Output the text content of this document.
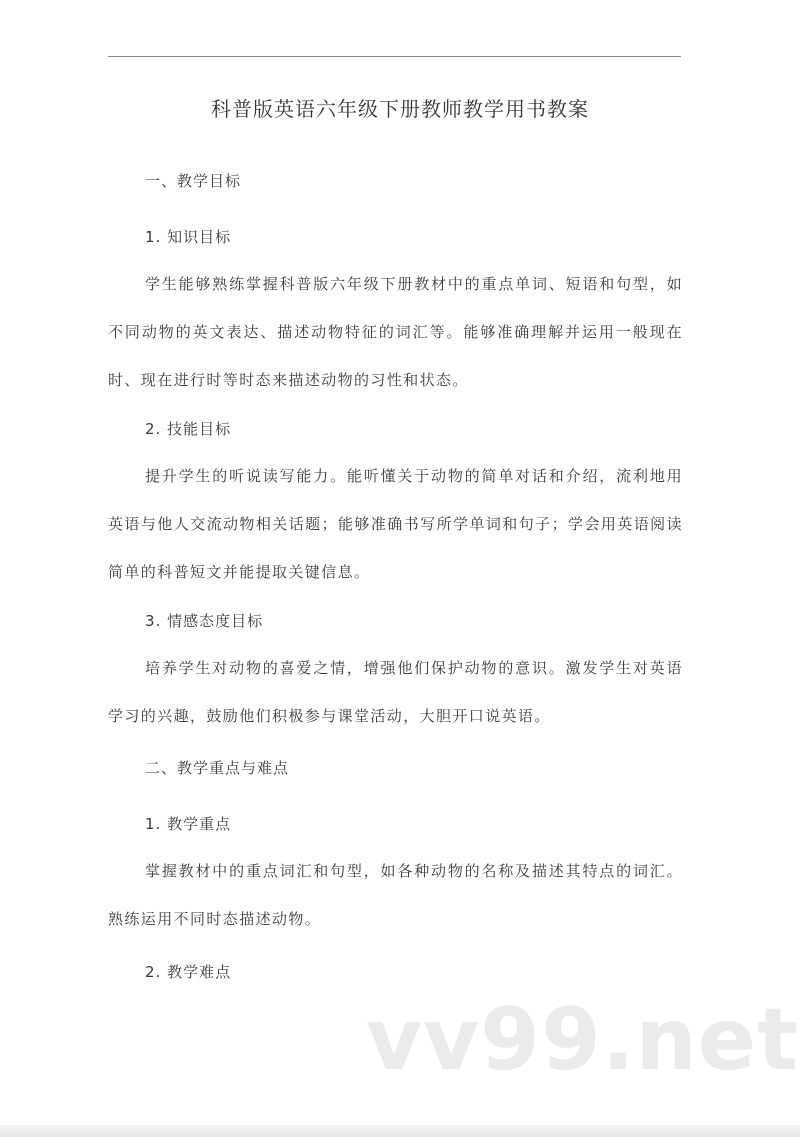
科普版英语六年级下册教师教学用书教案

一、教学目标

1. 知识目标

学生能够熟练掌握科普版六年级下册教材中的重点单词、短语和句型，如不同动物的英文表达、描述动物特征的词汇等。能够准确理解并运用一般现在时、现在进行时等时态来描述动物的习性和状态。

2. 技能目标

提升学生的听说读写能力。能听懂关于动物的简单对话和介绍，流利地用英语与他人交流动物相关话题；能够准确书写所学单词和句子；学会用英语阅读简单的科普短文并能提取关键信息。

3. 情感态度目标

培养学生对动物的喜爱之情，增强他们保护动物的意识。激发学生对英语学习的兴趣，鼓励他们积极参与课堂活动，大胆开口说英语。

二、教学重点与难点

1. 教学重点

掌握教材中的重点词汇和句型，如各种动物的名称及描述其特点的词汇。熟练运用不同时态描述动物。

2. 教学难点

vv99.net
